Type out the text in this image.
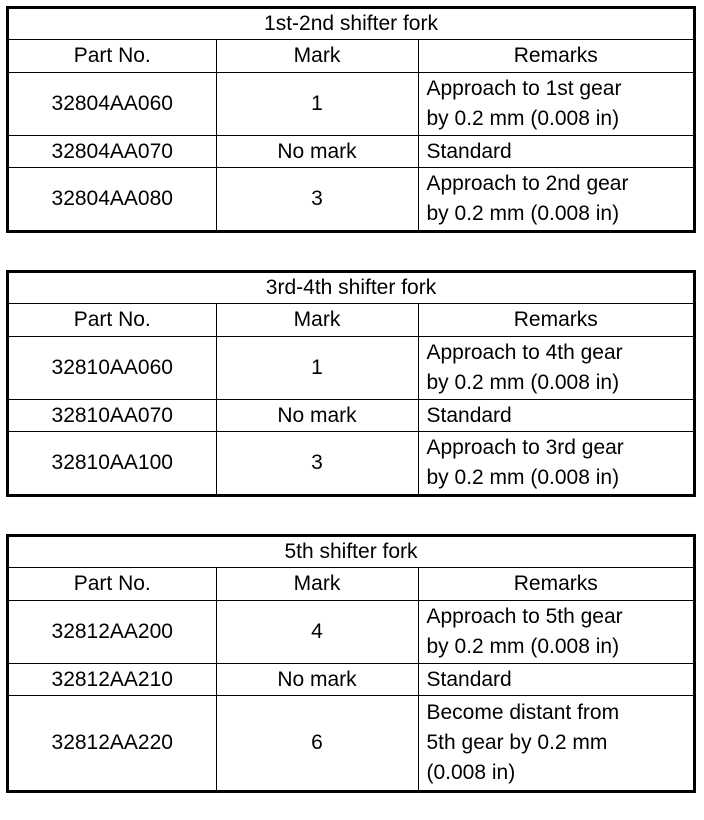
1st-2nd shifter fork		
Part No.	Mark	Remarks
32804AA060	1	Approach to 1st gear
by 0.2 mm (0.008 in)

32804AA070	No mark	Standard

32804AA080	3	Approach to 2nd gear
by 0.2 mm (0.008 in)
3rd-4th shifter fork		
Part No.	Mark	Remarks
32810AA060	1	Approach to 4th gear
by 0.2 mm (0.008 in)

32810AA070	No mark	Standard

32810AA100	3	Approach to 3rd gear
by 0.2 mm (0.008 in)
5th shifter fork		
Part No.	Mark	Remarks
32812AA200	4	Approach to 5th gear
by 0.2 mm (0.008 in)

32812AA210	No mark	Standard

32812AA220	6	Become distant from
5th gear by 0.2 mm
(0.008 in)
